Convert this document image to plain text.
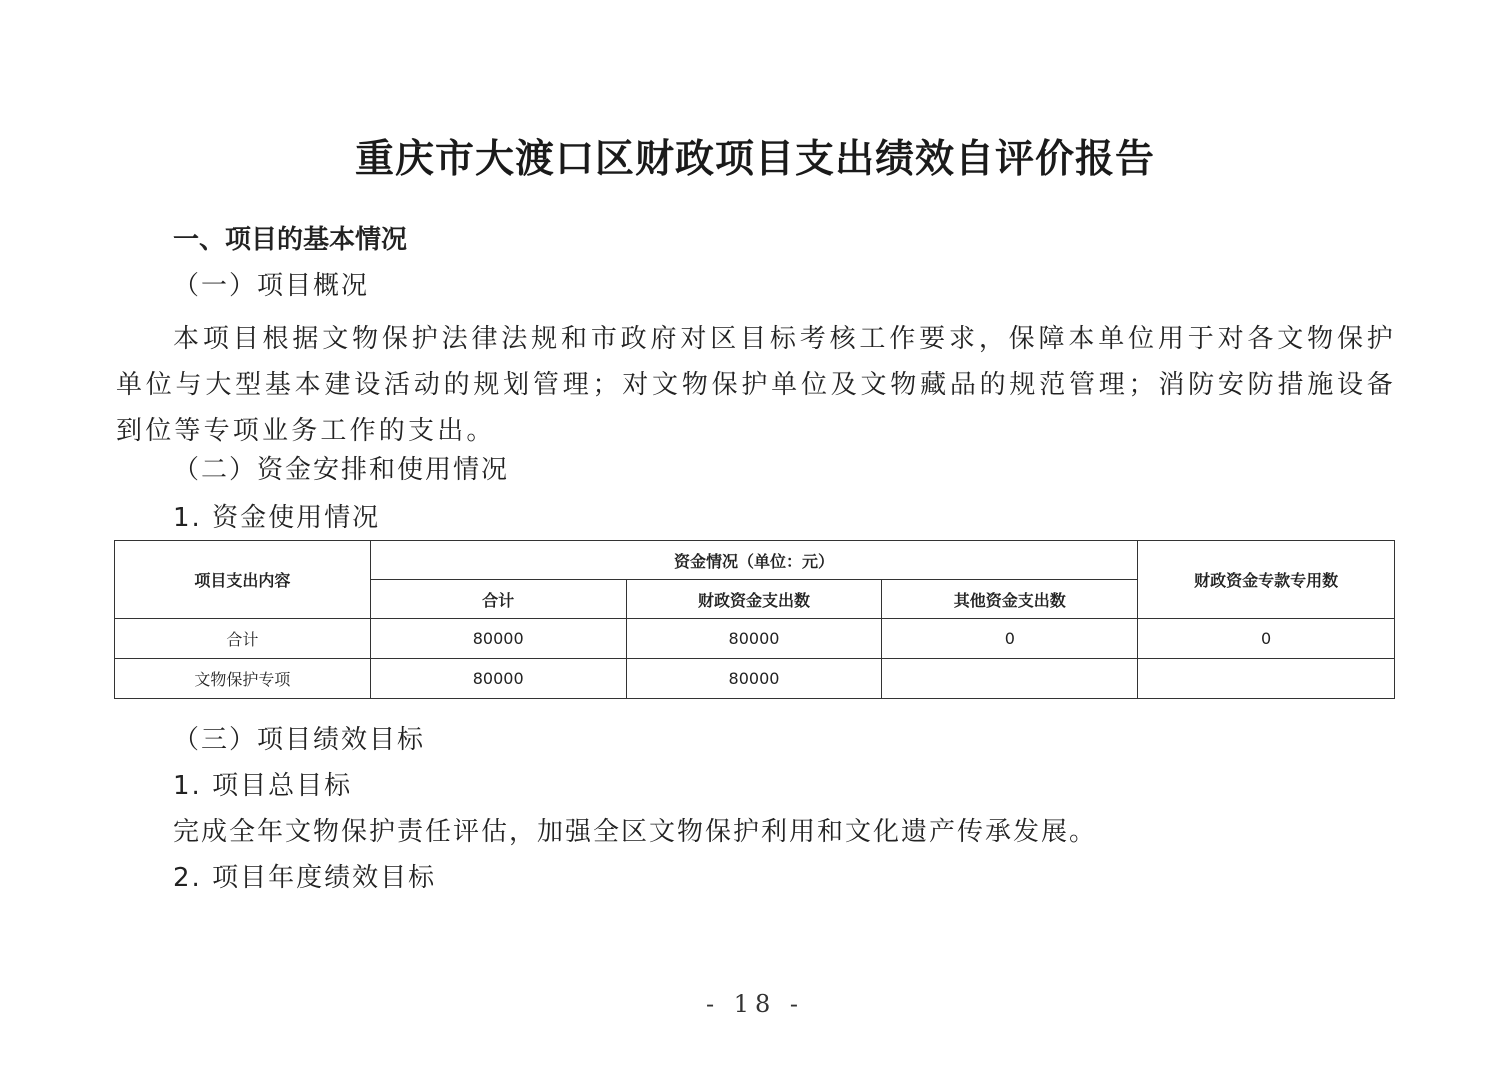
重庆市大渡口区财政项目支出绩效自评价报告

一、项目的基本情况

（一）项目概况

本项目根据文物保护法律法规和市政府对区目标考核工作要求，保障本单位用于对各文物保护单位与大型基本建设活动的规划管理；对文物保护单位及文物藏品的规范管理；消防安防措施设备到位等专项业务工作的支出。

（二）资金安排和使用情况

1. 资金使用情况

项目支出内容	资金情况（单位：元）			财政资金专款专用数
	合计	财政资金支出数	其他资金支出数	
合计	80000	80000	0	0
文物保护专项	80000	80000		

（三）项目绩效目标

1. 项目总目标

完成全年文物保护责任评估，加强全区文物保护利用和文化遗产传承发展。

2. 项目年度绩效目标

- 18 -
